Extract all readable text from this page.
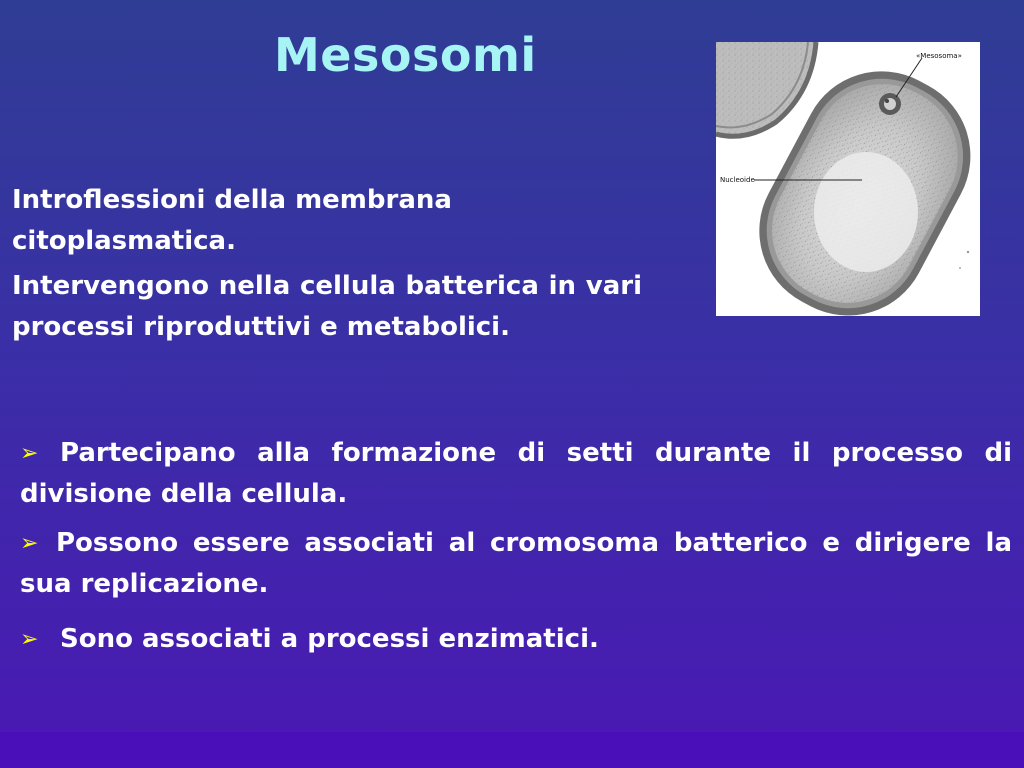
Mesosomi

Introflessioni della membrana citoplasmatica.

Intervengono nella cellula batterica in vari processi riproduttivi e metabolici.

«Mesosoma»
Nucleoide

➢ Partecipano alla formazione di setti durante il processo di divisione della cellula.

➢ Possono essere associati al cromosoma batterico e dirigere la sua replicazione.

➢ Sono associati a processi enzimatici.
